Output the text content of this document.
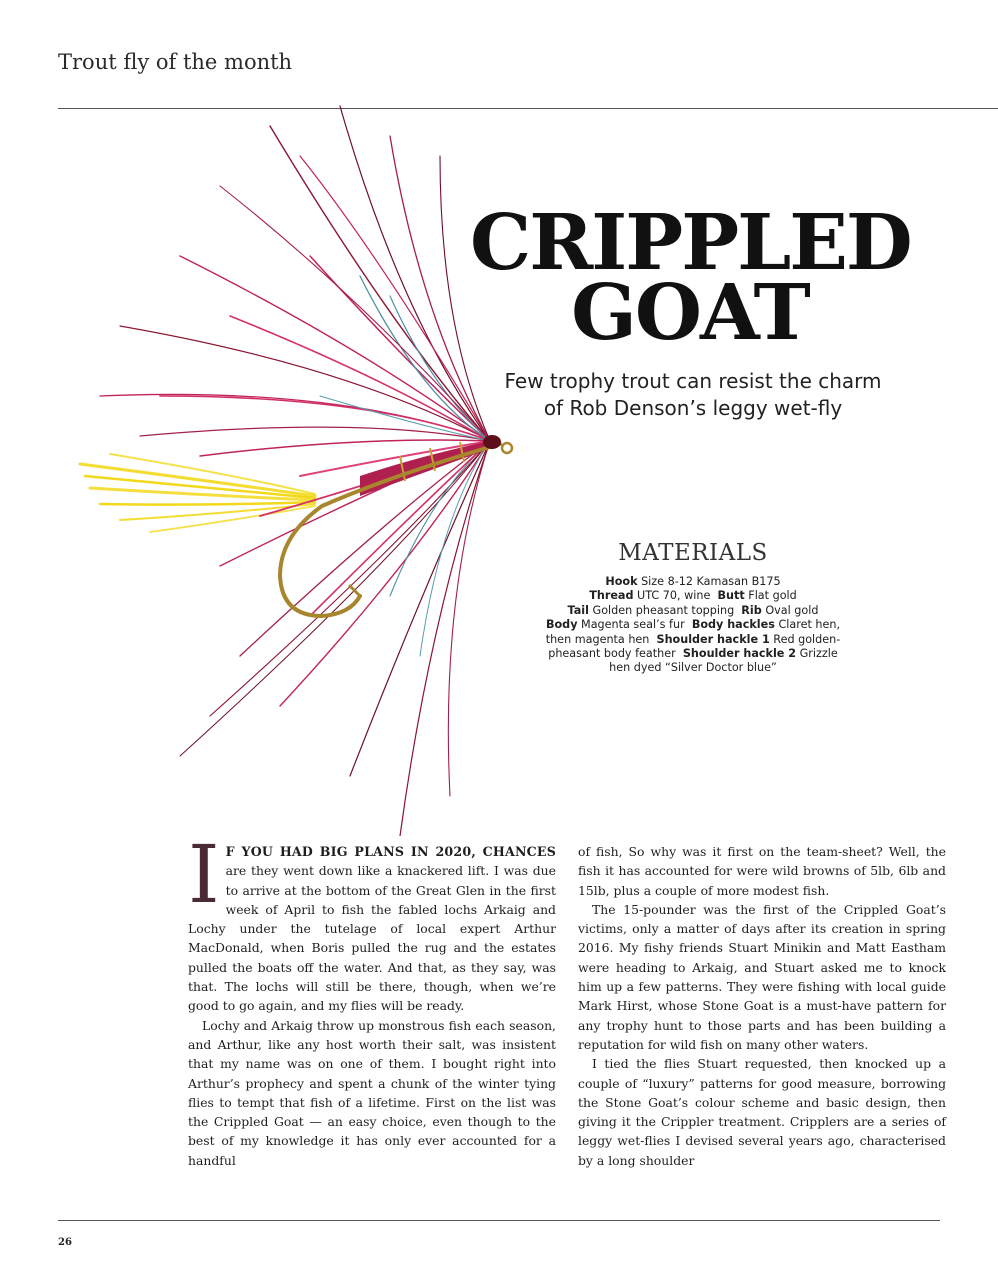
Trout fly of the month
CRIPPLED
GOAT
Few trophy trout can resist the charm
of Rob Denson’s leggy wet-fly
MATERIALS
Hook Size 8-12 Kamasan B175
Thread UTC 70, wine Butt Flat gold
Tail Golden pheasant topping Rib Oval gold
Body Magenta seal’s fur Body hackles Claret hen, then magenta hen Shoulder hackle 1 Red golden-pheasant body feather Shoulder hackle 2 Grizzle hen dyed “Silver Doctor blue”

I F YOU HAD BIG PLANS IN 2020, CHANCES are they went down like a knackered lift. I was due to arrive at the bottom of the Great Glen in the first week of April to fish the fabled lochs Arkaig and Lochy under the tutelage of local expert Arthur MacDonald, when Boris pulled the rug and the estates pulled the boats off the water. And that, as they say, was that. The lochs will still be there, though, when we’re good to go again, and my flies will be ready.

Lochy and Arkaig throw up monstrous fish each season, and Arthur, like any host worth their salt, was insistent that my name was on one of them. I bought right into Arthur’s prophecy and spent a chunk of the winter tying flies to tempt that fish of a lifetime. First on the list was the Crippled Goat — an easy choice, even though to the best of my knowledge it has only ever accounted for a handful

of fish, So why was it first on the team-sheet? Well, the fish it has accounted for were wild browns of 5lb, 6lb and 15lb, plus a couple of more modest fish.

The 15-pounder was the first of the Crippled Goat’s victims, only a matter of days after its creation in spring 2016. My fishy friends Stuart Minikin and Matt Eastham were heading to Arkaig, and Stuart asked me to knock him up a few patterns. They were fishing with local guide Mark Hirst, whose Stone Goat is a must-have pattern for any trophy hunt to those parts and has been building a reputation for wild fish on many other waters.

I tied the flies Stuart requested, then knocked up a couple of “luxury” patterns for good measure, borrowing the Stone Goat’s colour scheme and basic design, then giving it the Crippler treatment. Cripplers are a series of leggy wet-flies I devised several years ago, characterised by a long shoulder

26
